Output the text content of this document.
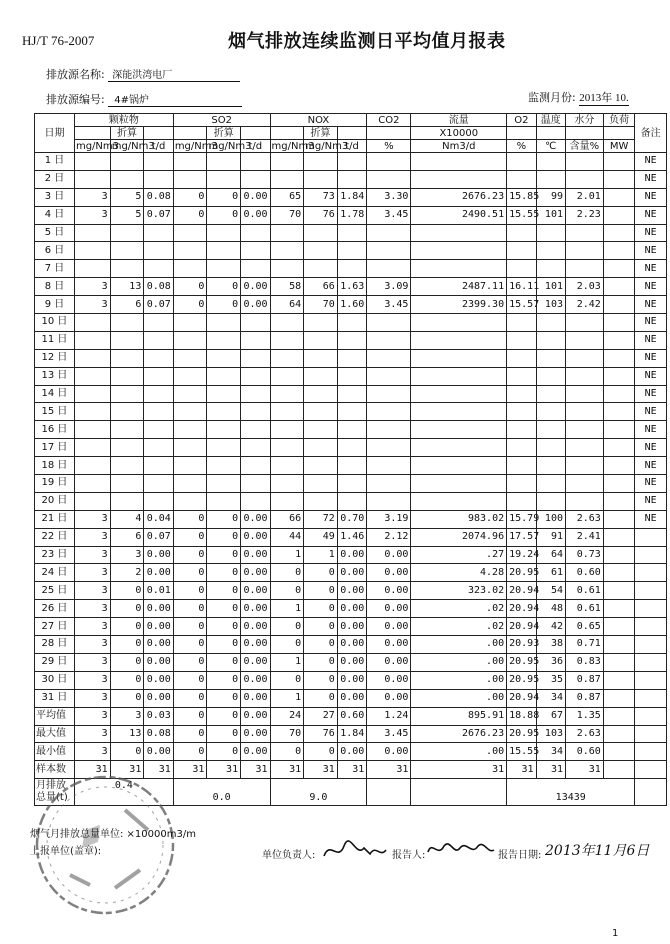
HJ/T 76-2007	烟气排放连续监测日平均值月报表
排放源名称: 深能洪湾电厂
排放源编号: 4#锅炉	监测月份: 2013年 10.
日期	颗粒物			SO2			NOX			CO2	流量	O2	温度	水分	负荷	备注
		折算			折算			折算			X10000					
	mg/Nm3	mg/Nm3	t/d	mg/Nm3	mg/Nm3	t/d	mg/Nm3	mg/Nm3	t/d	%	Nm3/d	%	℃	含量%	MW	
1 日																NE
2 日																NE
3 日	3	5	0.08	0	0	0.00	65	73	1.84	3.30	2676.23	15.85	99	2.01		NE
4 日	3	5	0.07	0	0	0.00	70	76	1.78	3.45	2490.51	15.55	101	2.23		NE
5 日																NE
6 日																NE
7 日																NE
8 日	3	13	0.08	0	0	0.00	58	66	1.63	3.09	2487.11	16.11	101	2.03		NE
9 日	3	6	0.07	0	0	0.00	64	70	1.60	3.45	2399.30	15.57	103	2.42		NE
10 日																NE
11 日																NE
12 日																NE
13 日																NE
14 日																NE
15 日																NE
16 日																NE
17 日																NE
18 日																NE
19 日																NE
20 日																NE
21 日	3	4	0.04	0	0	0.00	66	72	0.70	3.19	983.02	15.79	100	2.63		NE
22 日	3	6	0.07	0	0	0.00	44	49	1.46	2.12	2074.96	17.57	91	2.41		
23 日	3	3	0.00	0	0	0.00	1	1	0.00	0.00	.27	19.24	64	0.73		
24 日	3	2	0.00	0	0	0.00	0	0	0.00	0.00	4.28	20.95	61	0.60		
25 日	3	0	0.01	0	0	0.00	0	0	0.00	0.00	323.02	20.94	54	0.61		
26 日	3	0	0.00	0	0	0.00	1	0	0.00	0.00	.02	20.94	48	0.61		
27 日	3	0	0.00	0	0	0.00	0	0	0.00	0.00	.02	20.94	42	0.65		
28 日	3	0	0.00	0	0	0.00	0	0	0.00	0.00	.00	20.93	38	0.71		
29 日	3	0	0.00	0	0	0.00	1	0	0.00	0.00	.00	20.95	36	0.83		
30 日	3	0	0.00	0	0	0.00	0	0	0.00	0.00	.00	20.95	35	0.87		
31 日	3	0	0.00	0	0	0.00	1	0	0.00	0.00	.00	20.94	34	0.87		
平均值	3	3	0.03	0	0	0.00	24	27	0.60	1.24	895.91	18.88	67	1.35		
最大值	3	13	0.08	0	0	0.00	70	76	1.84	3.45	2676.23	20.95	103	2.63		
最小值	3	0	0.00	0	0	0.00	0	0	0.00	0.00	.00	15.55	34	0.60		
样本数	31	31	31	31	31	31	31	31	31	31	31	31	31	31		

月排放
总量(t)	0.4			0.0			9.0					13439				
烟气月排放总量单位: ×10000m3/m
上报单位(盖章):	单位负责人:	报告人:	报告日期: 2013年11月6日
1
